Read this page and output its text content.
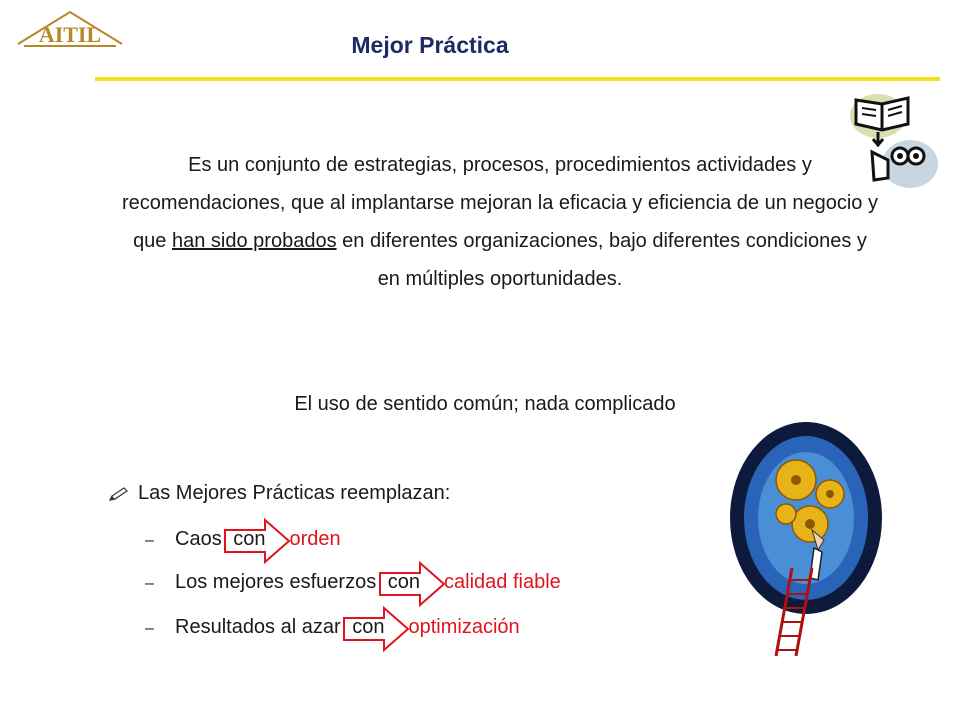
AITIL	Mejor Práctica
Es un conjunto de estrategias, procesos, procedimientos actividades y recomendaciones, que al implantarse mejoran la eficacia y eficiencia de un negocio y que han sido probados en diferentes organizaciones, bajo diferentes condiciones y en múltiples oportunidades.
El uso de sentido común; nada complicado
Las Mejores Prácticas reemplazan:
– Caos con orden
– Los mejores esfuerzos con calidad fiable
– Resultados al azar con optimización
